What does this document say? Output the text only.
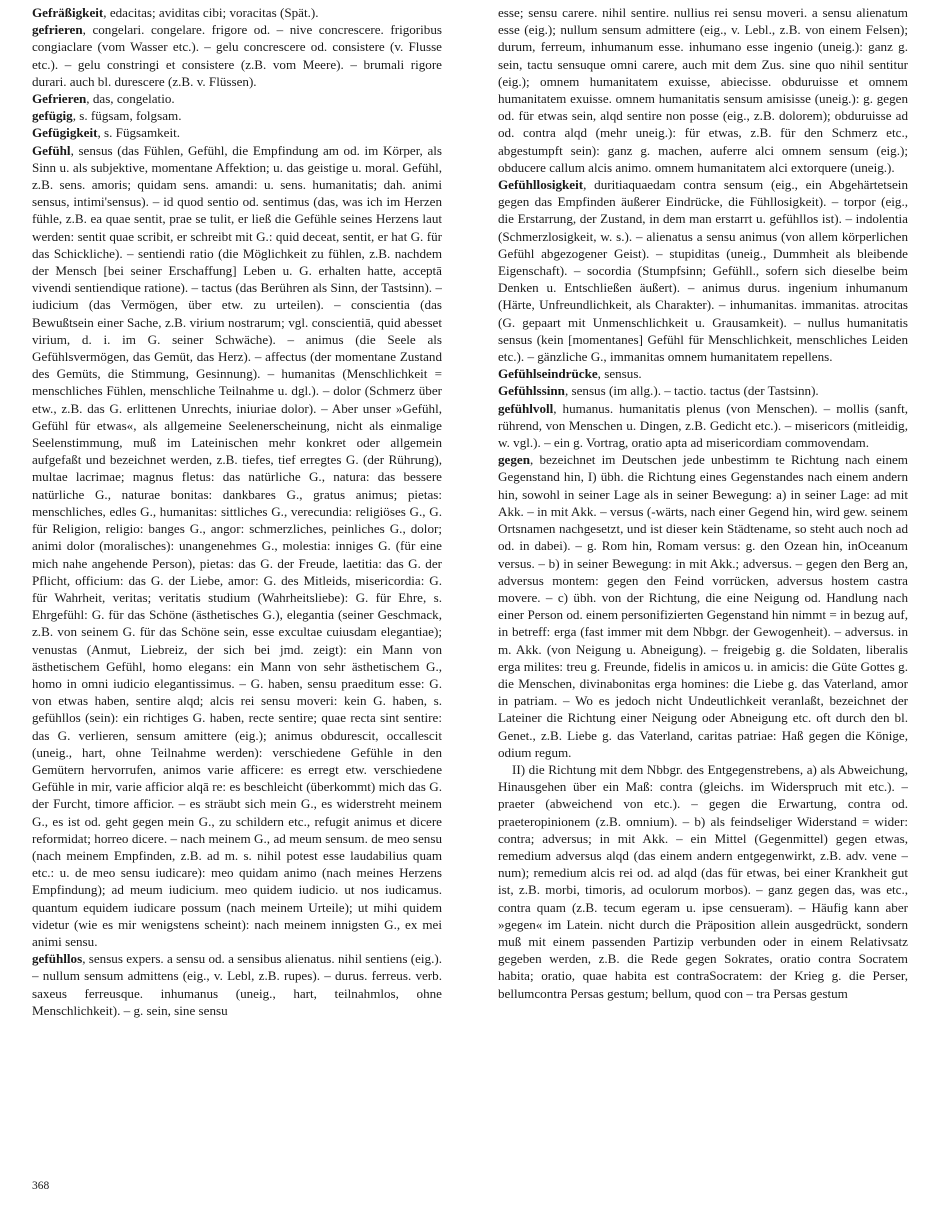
Gefräßigkeit, edacitas; aviditas cibi; voracitas (Spät.).

gefrieren, congelari. congelare. frigore od. – nive concrescere. frigoribus congiaclare (vom Wasser etc.). – gelu concrescere od. consistere (v. Flusse etc.). – gelu constringi et consistere (z.B. vom Meere). – brumali rigore durari. auch bl. durescere (z.B. v. Flüssen).

Gefrieren, das, congelatio.

gefügig, s. fügsam, folgsam.

Gefügigkeit, s. Fügsamkeit.

Gefühl, sensus (das Fühlen, Gefühl, die Empfindung am od. im Körper, als Sinn u. als subjektive, momentane Affektion; u. das geistige u. moral. Gefühl, z.B. sens. amoris; quidam sens. amandi: u. sens. humanitatis; dah. animi sensus, intimi'sensus). – id quod sentio od. sentimus (das, was ich im Herzen fühle, z.B. ea quae sentit, prae se tulit, er ließ die Gefühle seines Herzens laut werden: sentit quae scribit, er schreibt mit G.: quid deceat, sentit, er hat G. für das Schickliche). – sentiendi ratio (die Möglichkeit zu fühlen, z.B. nachdem der Mensch [bei seiner Erschaffung] Leben u. G. erhalten hatte, acceptā vivendi sentiendique ratione). – tactus (das Berühren als Sinn, der Tastsinn). – iudicium (das Vermögen, über etw. zu urteilen). – conscientia (das Bewußtsein einer Sache, z.B. virium nostrarum; vgl. conscientiā, quid abesset virium, d. i. im G. seiner Schwäche). – animus (die Seele als Gefühlsvermögen, das Gemüt, das Herz). – affectus (der momentane Zustand des Gemüts, die Stimmung, Gesinnung). – humanitas (Menschlichkeit = menschliches Fühlen, menschliche Teilnahme u. dgl.). – dolor (Schmerz über etw., z.B. das G. erlittenen Unrechts, iniuriae dolor). – Aber unser »Gefühl, Gefühl für etwas«, als allgemeine Seelenerscheinung, nicht als einmalige Seelenstimmung, muß im Lateinischen mehr konkret oder allgemein aufgefaßt und bezeichnet werden, z.B. tiefes, tief erregtes G. (der Rührung), multae lacrimae; magnus fletus: das natürliche G., natura: das bessere natürliche G., naturae bonitas: dankbares G., gratus animus; pietas: menschliches, edles G., humanitas: sittliches G., verecundia: religiöses G., G. für Religion, religio: banges G., angor: schmerzliches, peinliches G., dolor; animi dolor (moralisches): unangenehmes G., molestia: inniges G. (für eine mich nahe angehende Person), pietas: das G. der Freude, laetitia: das G. der Pflicht, officium: das G. der Liebe, amor: G. des Mitleids, misericordia: G. für Wahrheit, veritas; veritatis studium (Wahrheitsliebe): G. für Ehre, s. Ehrgefühl: G. für das Schöne (ästhetisches G.), elegantia (seiner Geschmack, z.B. von seinem G. für das Schöne sein, esse excultae cuiusdam elegantiae); venustas (Anmut, Liebreiz, der sich bei jmd. zeigt): ein Mann von ästhetischem Gefühl, homo elegans: ein Mann von sehr ästhetischem G., homo in omni iudicio elegantissimus. – G. haben, sensu praeditum esse: G. von etwas haben, sentire alqd; alcis rei sensu moveri: kein G. haben, s. gefühllos (sein): ein richtiges G. haben, recte sentire; quae recta sint sentire: das G. verlieren, sensum amittere (eig.); animus obdurescit, occallescit (uneig., hart, ohne Teilnahme werden): verschiedene Gefühle in den Gemütern hervorrufen, animos varie afficere: es erregt etw. verschiedene Gefühle in mir, varie afficior alqā re: es beschleicht (überkommt) mich das G. der Furcht, timore afficior. – es sträubt sich mein G., es widerstreht meinem G., es ist od. geht gegen mein G., zu schildern etc., refugit animus et dicere reformidat; horreo dicere. – nach meinem G., ad meum sensum. de meo sensu (nach meinem Empfinden, z.B. ad m. s. nihil potest esse laudabilius quam etc.: u. de meo sensu iudicare): meo quidam animo (nach meines Herzens Empfindung); ad meum iudicium. meo quidem iudicio. ut nos iudicamus. quantum equidem iudicare possum (nach meinem Urteile); ut mihi quidem videtur (wie es mir wenigstens scheint): nach meinem innigsten G., ex mei animi sensu.

gefühllos, sensus expers. a sensu od. a sensibus alienatus. nihil sentiens (eig.). – nullum sensum admittens (eig., v. Lebl, z.B. rupes). – durus. ferreus. verb. saxeus ferreusque. inhumanus (uneig., hart, teilnahmlos, ohne Menschlichkeit). – g. sein, sine sensu

esse; sensu carere. nihil sentire. nullius rei sensu moveri. a sensu alienatum esse (eig.); nullum sensum admittere (eig., v. Lebl., z.B. von einem Felsen); durum, ferreum, inhumanum esse. inhumano esse ingenio (uneig.): ganz g. sein, tactu sensuque omni carere, auch mit dem Zus. sine quo nihil sentitur (eig.); omnem humanitatem exuisse, abiecisse. obduruisse et omnem humanitatem exuisse. omnem humanitatis sensum amisisse (uneig.): g. gegen od. für etwas sein, alqd sentire non posse (eig., z.B. dolorem); obduruisse ad od. contra alqd (mehr uneig.): für etwas, z.B. für den Schmerz etc., abgestumpft sein): ganz g. machen, auferre alci omnem sensum (eig.); obducere callum alcis animo. omnem humanitatem alci extorquere (uneig.).

Gefühllosigkeit, duritiaquaedam contra sensum (eig., ein Abgehärtetsein gegen das Empfinden äußerer Eindrücke, die Fühllosigkeit). – torpor (eig., die Erstarrung, der Zustand, in dem man erstarrt u. gefühllos ist). – indolentia (Schmerzlosigkeit, w. s.). – alienatus a sensu animus (von allem körperlichen Gefühl abgezogener Geist). – stupiditas (uneig., Dummheit als bleibende Eigenschaft). – socordia (Stumpfsinn; Gefühll., sofern sich dieselbe beim Denken u. Entschließen äußert). – animus durus. ingenium inhumanum (Härte, Unfreundlichkeit, als Charakter). – inhumanitas. immanitas. atrocitas (G. gepaart mit Unmenschlichkeit u. Grausamkeit). – nullus humanitatis sensus (kein [momentanes] Gefühl für Menschlichkeit, menschliches Leiden etc.). – gänzliche G., immanitas omnem humanitatem repellens.

Gefühlseindrücke, sensus.

Gefühlssinn, sensus (im allg.). – tactio. tactus (der Tastsinn).

gefühlvoll, humanus. humanitatis plenus (von Menschen). – mollis (sanft, rührend, von Menschen u. Dingen, z.B. Gedicht etc.). – misericors (mitleidig, w. vgl.). – ein g. Vortrag, oratio apta ad misericordiam commovendam.

gegen, bezeichnet im Deutschen jede unbestimm te Richtung nach einem Gegenstand hin, I) übh. die Richtung eines Gegenstandes nach einem andern hin, sowohl in seiner Lage als in seiner Bewegung: a) in seiner Lage: ad mit Akk. – in mit Akk. – versus (-wärts, nach einer Gegend hin, wird gew. seinem Ortsnamen nachgesetzt, und ist dieser kein Städtename, so steht auch noch ad od. in dabei). – g. Rom hin, Romam versus: g. den Ozean hin, inOceanum versus. – b) in seiner Bewegung: in mit Akk.; adversus. – gegen den Berg an, adversus montem: gegen den Feind vorrücken, adversus hostem castra movere. – c) übh. von der Richtung, die eine Neigung od. Handlung nach einer Person od. einem personifizierten Gegenstand hin nimmt = in bezug auf, in betreff: erga (fast immer mit dem Nbbgr. der Gewogenheit). – adversus. in m. Akk. (von Neigung u. Abneigung). – freigebig g. die Soldaten, liberalis erga milites: treu g. Freunde, fidelis in amicos u. in amicis: die Güte Gottes g. die Menschen, divinabonitas erga homines: die Liebe g. das Vaterland, amor in patriam. – Wo es jedoch nicht Undeutlichkeit veranlaßt, bezeichnet der Lateiner die Richtung einer Neigung oder Abneigung etc. oft durch den bl. Genet., z.B. Liebe g. das Vaterland, caritas patriae: Haß gegen die Könige, odium regum.

II) die Richtung mit dem Nbbgr. des Entgegenstrebens, a) als Abweichung, Hinausgehen über ein Maß: contra (gleichs. im Widerspruch mit etc.). – praeter (abweichend von etc.). – gegen die Erwartung, contra od. praeteropinionem (z.B. omnium). – b) als feindseliger Widerstand = wider: contra; adversus; in mit Akk. – ein Mittel (Gegenmittel) gegen etwas, remedium adversus alqd (das einem andern entgegenwirkt, z.B. adv. vene – num); remedium alcis rei od. ad alqd (das für etwas, bei einer Krankheit gut ist, z.B. morbi, timoris, ad oculorum morbos). – ganz gegen das, was etc., contra quam (z.B. tecum egeram u. ipse censueram). – Häufig kann aber »gegen« im Latein. nicht durch die Präposition allein ausgedrückt, sondern muß mit einem passenden Partizip verbunden oder in einem Relativsatz gegeben werden, z.B. die Rede gegen Sokrates, oratio contra Socratem habita; oratio, quae habita est contraSocratem: der Krieg g. die Perser, bellumcontra Persas gestum; bellum, quod con – tra Persas gestum

368
